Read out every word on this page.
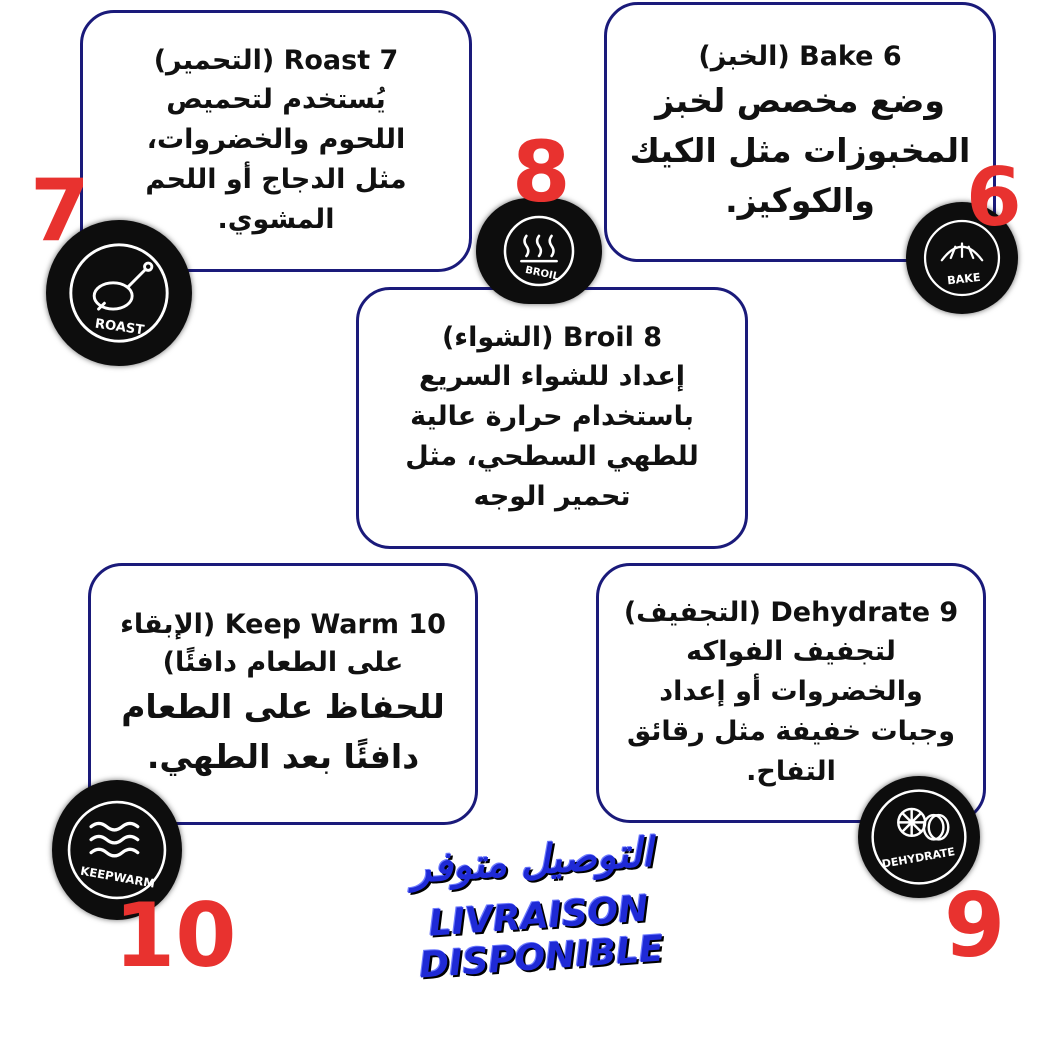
Roast 7 (التحمير)
يُستخدم لتحميص
اللحوم والخضروات،
مثل الدجاج أو اللحم
المشوي.
Bake 6 (الخبز)
وضع مخصص لخبز
المخبوزات مثل الكيك
والكوكيز.
Broil 8 (الشواء)
إعداد للشواء السريع
باستخدام حرارة عالية
للطهي السطحي، مثل
تحمير الوجه
Keep Warm 10 (الإبقاء
على الطعام دافئًا)
للحفاظ على الطعام
دافئًا بعد الطهي.
Dehydrate 9 (التجفيف)
لتجفيف الفواكه
والخضروات أو إعداد
وجبات خفيفة مثل رقائق
التفاح.
ROAST
BROIL	BAKE
KEEPWARM
DEHYDRATE
7	8	6
10	9
التوصيل متوفر
LIVRAISON DISPONIBLE
